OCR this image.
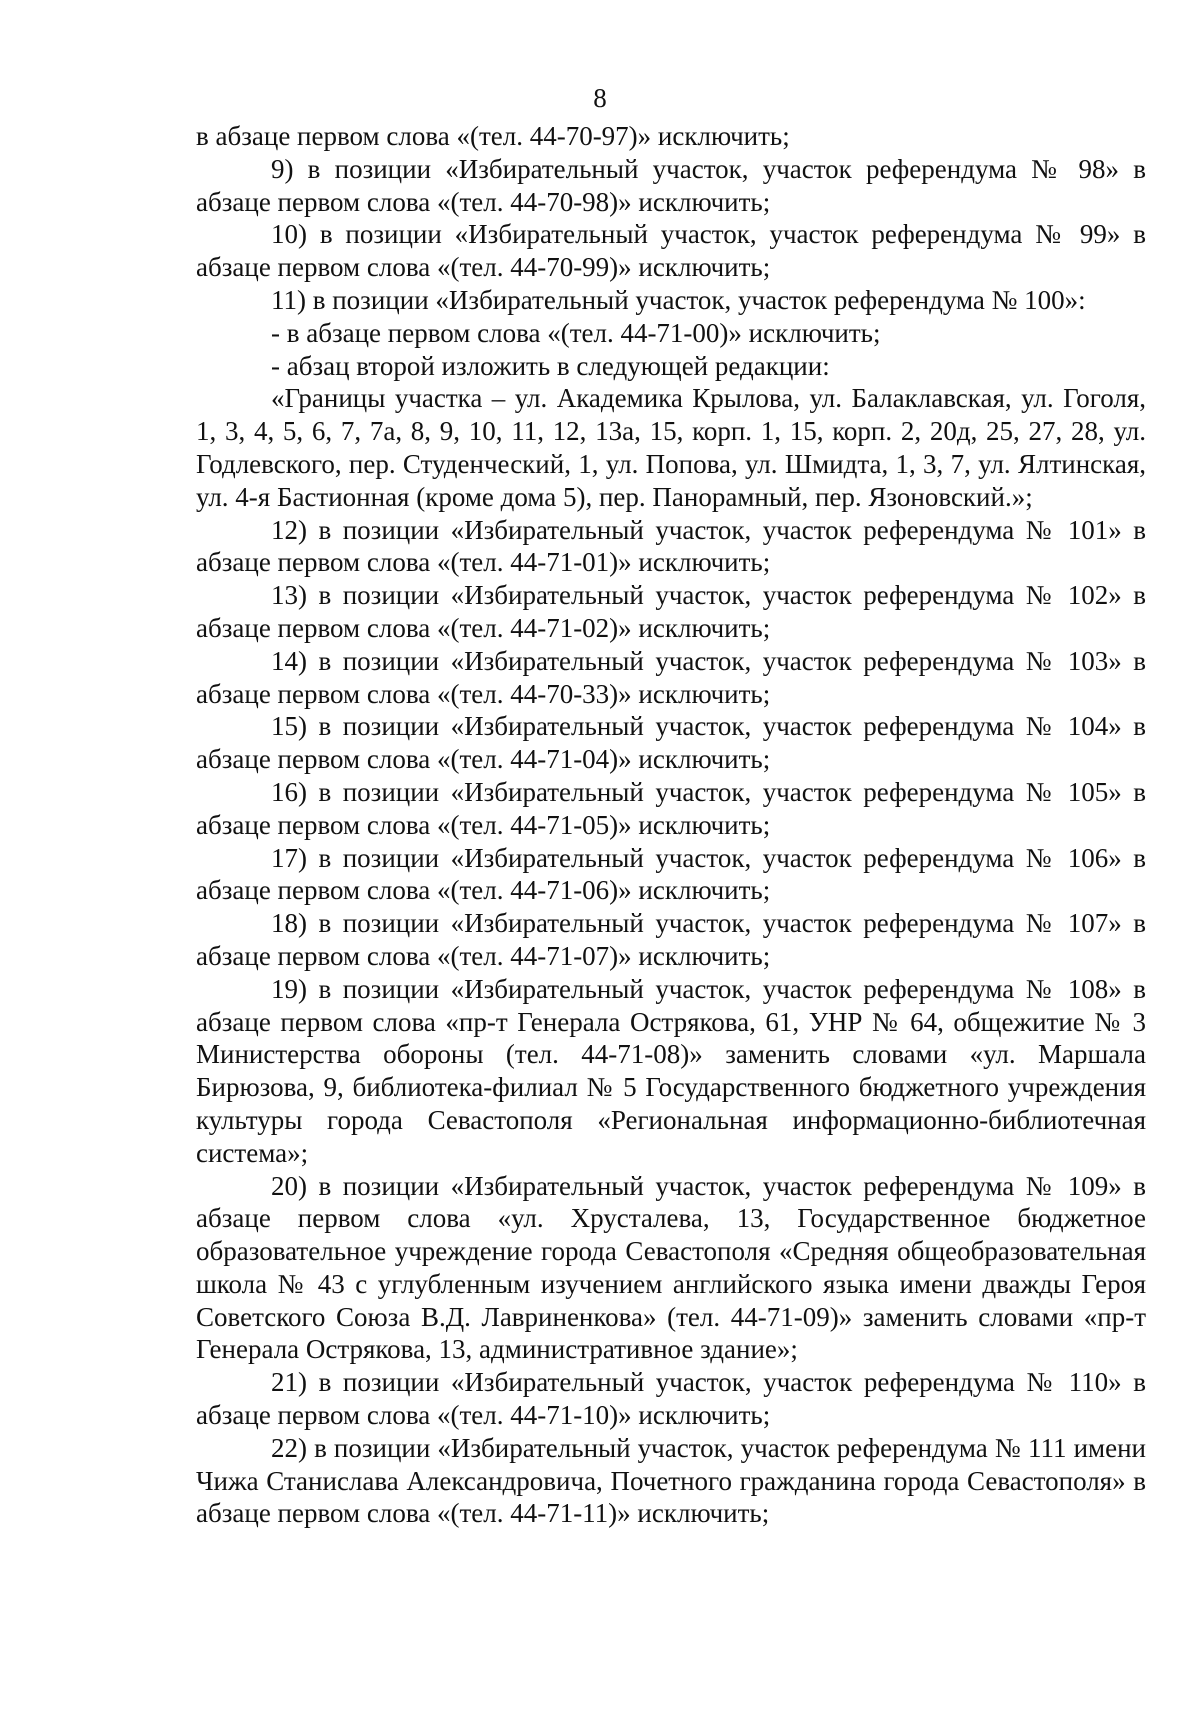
8

в абзаце первом слова «(тел. 44-70-97)» исключить;

9) в позиции «Избирательный участок, участок референдума № 98» в абзаце первом слова «(тел. 44-70-98)» исключить;

10) в позиции «Избирательный участок, участок референдума № 99» в абзаце первом слова «(тел. 44-70-99)» исключить;

11) в позиции «Избирательный участок, участок референдума № 100»:

- в абзаце первом слова «(тел. 44-71-00)» исключить;

- абзац второй изложить в следующей редакции:

«Границы участка – ул. Академика Крылова, ул. Балаклавская, ул. Гоголя, 1, 3, 4, 5, 6, 7, 7а, 8, 9, 10, 11, 12, 13а, 15, корп. 1, 15, корп. 2, 20д, 25, 27, 28, ул. Годлевского, пер. Студенческий, 1, ул. Попова, ул. Шмидта, 1, 3, 7, ул. Ялтинская, ул. 4-я Бастионная (кроме дома 5), пер. Панорамный, пер. Язоновский.»;

12) в позиции «Избирательный участок, участок референдума № 101» в абзаце первом слова «(тел. 44-71-01)» исключить;

13) в позиции «Избирательный участок, участок референдума № 102» в абзаце первом слова «(тел. 44-71-02)» исключить;

14) в позиции «Избирательный участок, участок референдума № 103» в абзаце первом слова «(тел. 44-70-33)» исключить;

15) в позиции «Избирательный участок, участок референдума № 104» в абзаце первом слова «(тел. 44-71-04)» исключить;

16) в позиции «Избирательный участок, участок референдума № 105» в абзаце первом слова «(тел. 44-71-05)» исключить;

17) в позиции «Избирательный участок, участок референдума № 106» в абзаце первом слова «(тел. 44-71-06)» исключить;

18) в позиции «Избирательный участок, участок референдума № 107» в абзаце первом слова «(тел. 44-71-07)» исключить;

19) в позиции «Избирательный участок, участок референдума № 108» в абзаце первом слова «пр-т Генерала Острякова, 61, УНР № 64, общежитие № 3 Министерства обороны (тел. 44-71-08)» заменить словами «ул. Маршала Бирюзова, 9, библиотека-филиал № 5 Государственного бюджетного учреждения культуры города Севастополя «Региональная информационно-библиотечная система»;

20) в позиции «Избирательный участок, участок референдума № 109» в абзаце первом слова «ул. Хрусталева, 13, Государственное бюджетное образовательное учреждение города Севастополя «Средняя общеобразовательная школа № 43 с углубленным изучением английского языка имени дважды Героя Советского Союза В.Д. Лавриненкова» (тел. 44-71-09)» заменить словами «пр-т Генерала Острякова, 13, административное здание»;

21) в позиции «Избирательный участок, участок референдума № 110» в абзаце первом слова «(тел. 44-71-10)» исключить;

22) в позиции «Избирательный участок, участок референдума № 111 имени Чижа Станислава Александровича, Почетного гражданина города Севастополя» в абзаце первом слова «(тел. 44-71-11)» исключить;
